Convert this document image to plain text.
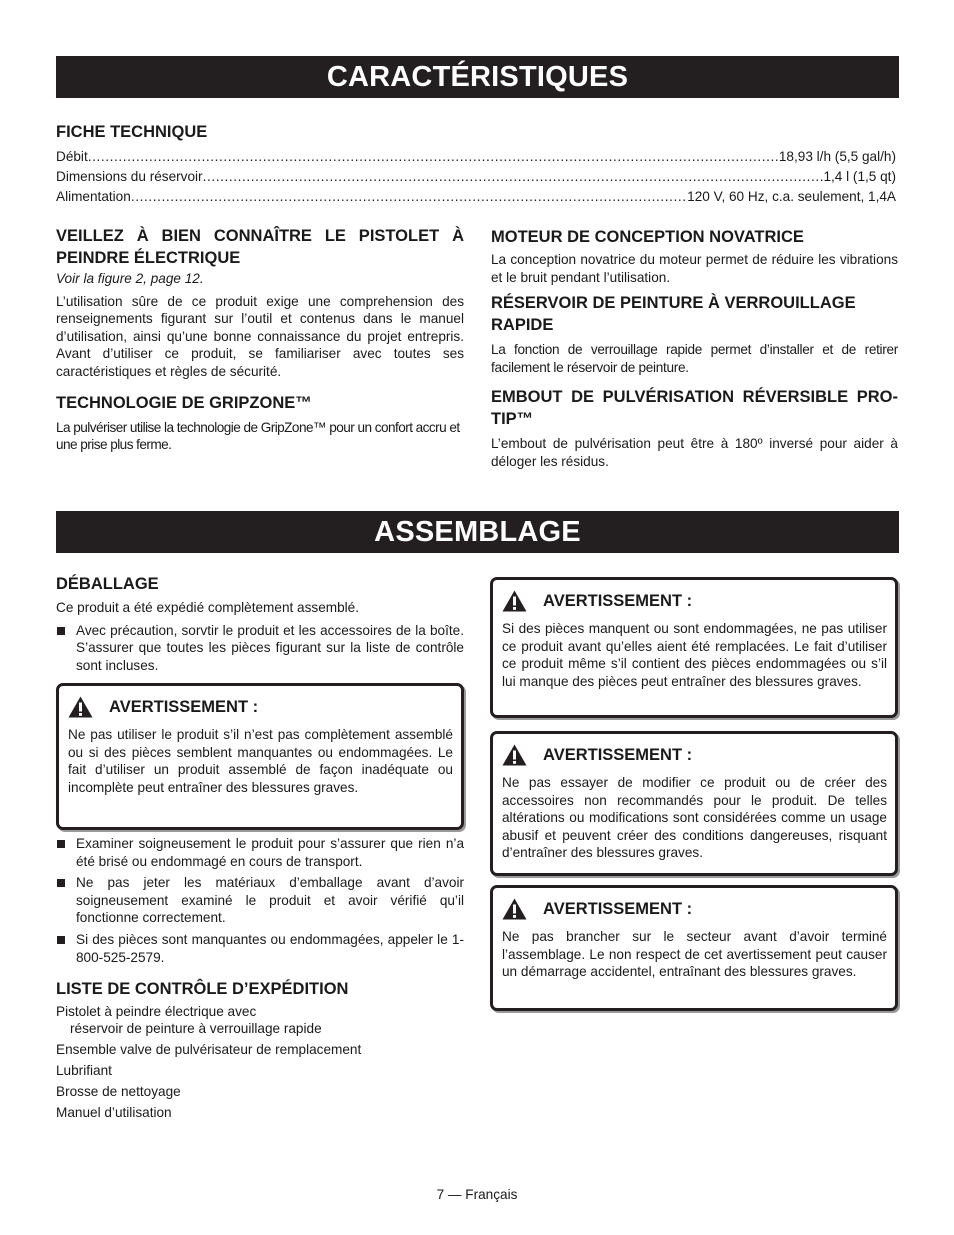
CARACTÉRISTIQUES
FICHE TECHNIQUE
Débit .....	18,93 l/h (5,5 gal/h)
Dimensions du réservoir .....	1,4 l (1,5 qt)
Alimentation .....	120 V, 60 Hz, c.a. seulement, 1,4A
VEILLEZ À BIEN CONNAÎTRE LE PISTOLET À PEINDRE ÉLECTRIQUE

Voir la figure 2, page 12.

L’utilisation sûre de ce produit exige une comprehension des renseignements figurant sur l’outil et contenus dans le manuel d’utilisation, ainsi qu’une bonne connaissance du projet entrepris. Avant d’utiliser ce produit, se familiariser avec toutes ses caractéristiques et règles de sécurité.

TECHNOLOGIE DE GRIPZONE™

La pulvériser utilise la technologie de GripZone™ pour un confort accru et une prise plus ferme.

MOTEUR DE CONCEPTION NOVATRICE

La conception novatrice du moteur permet de réduire les vibrations et le bruit pendant l’utilisation.

RÉSERVOIR DE PEINTURE À VERROUILLAGE RAPIDE

La fonction de verrouillage rapide permet d’installer et de retirer facilement le réservoir de peinture.

EMBOUT DE PULVÉRISATION RÉVERSIBLE PRO-TIP™

L’embout de pulvérisation peut être à 180º inversé pour aider à déloger les résidus.

ASSEMBLAGE
DÉBALLAGE

Ce produit a été expédié complètement assemblé.

Avec précaution, sorvtir le produit et les accessoires de la boîte. S’assurer que toutes les pièces figurant sur la liste de contrôle sont incluses.
AVERTISSEMENT :

Ne pas utiliser le produit s’il n’est pas complètement assemblé ou si des pièces semblent manquantes ou endommagées. Le fait d’utiliser un produit assemblé de façon inadéquate ou incomplète peut entraîner des blessures graves.

Examiner soigneusement le produit pour s’assurer que rien n’a été brisé ou endommagé en cours de transport.
Ne pas jeter les matériaux d’emballage avant d’avoir soigneusement examiné le produit et avoir vérifié qu’il fonctionne correctement.
Si des pièces sont manquantes ou endommagées, appeler le 1-800-525-2579.
LISTE DE CONTRÔLE D’EXPÉDITION

Pistolet à peindre électrique avec

réservoir de peinture à verrouillage rapide

Ensemble valve de pulvérisateur de remplacement

Lubrifiant

Brosse de nettoyage

Manuel d’utilisation

AVERTISSEMENT :

Si des pièces manquent ou sont endommagées, ne pas utiliser ce produit avant qu’elles aient été remplacées. Le fait d’utiliser ce produit même s’il contient des pièces endommagées ou s’il lui manque des pièces peut entraîner des blessures graves.

AVERTISSEMENT :

Ne pas essayer de modifier ce produit ou de créer des accessoires non recommandés pour le produit. De telles altérations ou modifications sont considérées comme un usage abusif et peuvent créer des conditions dangereuses, risquant d’entraîner des blessures graves.

AVERTISSEMENT :

Ne pas brancher sur le secteur avant d’avoir terminé l’assemblage. Le non respect de cet avertissement peut causer un démarrage accidentel, entraînant des blessures graves.

7 — Français
